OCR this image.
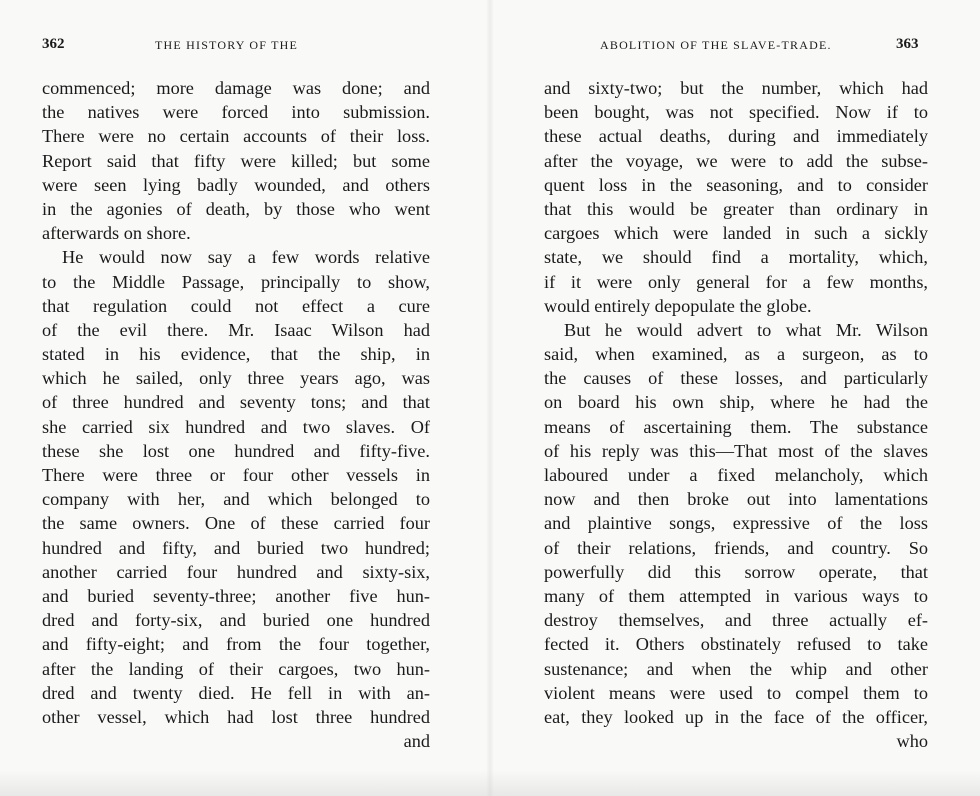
362	THE HISTORY OF THE
commenced; more damage was done; and
the natives were forced into submission.
There were no certain accounts of their loss.
Report said that fifty were killed; but some
were seen lying badly wounded, and others
in the agonies of death, by those who went
afterwards on shore.
He would now say a few words relative
to the Middle Passage, principally to show,
that regulation could not effect a cure
of the evil there. Mr. Isaac Wilson had
stated in his evidence, that the ship, in
which he sailed, only three years ago, was
of three hundred and seventy tons; and that
she carried six hundred and two slaves. Of
these she lost one hundred and fifty-five.
There were three or four other vessels in
company with her, and which belonged to
the same owners. One of these carried four
hundred and fifty, and buried two hundred;
another carried four hundred and sixty-six,
and buried seventy-three; another five hun-
dred and forty-six, and buried one hundred
and fifty-eight; and from the four together,
after the landing of their cargoes, two hun-
dred and twenty died. He fell in with an-
other vessel, which had lost three hundred
and
ABOLITION OF THE SLAVE-TRADE.	363
and sixty-two; but the number, which had
been bought, was not specified. Now if to
these actual deaths, during and immediately
after the voyage, we were to add the subse-
quent loss in the seasoning, and to consider
that this would be greater than ordinary in
cargoes which were landed in such a sickly
state, we should find a mortality, which,
if it were only general for a few months,
would entirely depopulate the globe.
But he would advert to what Mr. Wilson
said, when examined, as a surgeon, as to
the causes of these losses, and particularly
on board his own ship, where he had the
means of ascertaining them. The substance
of his reply was this—That most of the slaves
laboured under a fixed melancholy, which
now and then broke out into lamentations
and plaintive songs, expressive of the loss
of their relations, friends, and country. So
powerfully did this sorrow operate, that
many of them attempted in various ways to
destroy themselves, and three actually ef-
fected it. Others obstinately refused to take
sustenance; and when the whip and other
violent means were used to compel them to
eat, they looked up in the face of the officer,
who
